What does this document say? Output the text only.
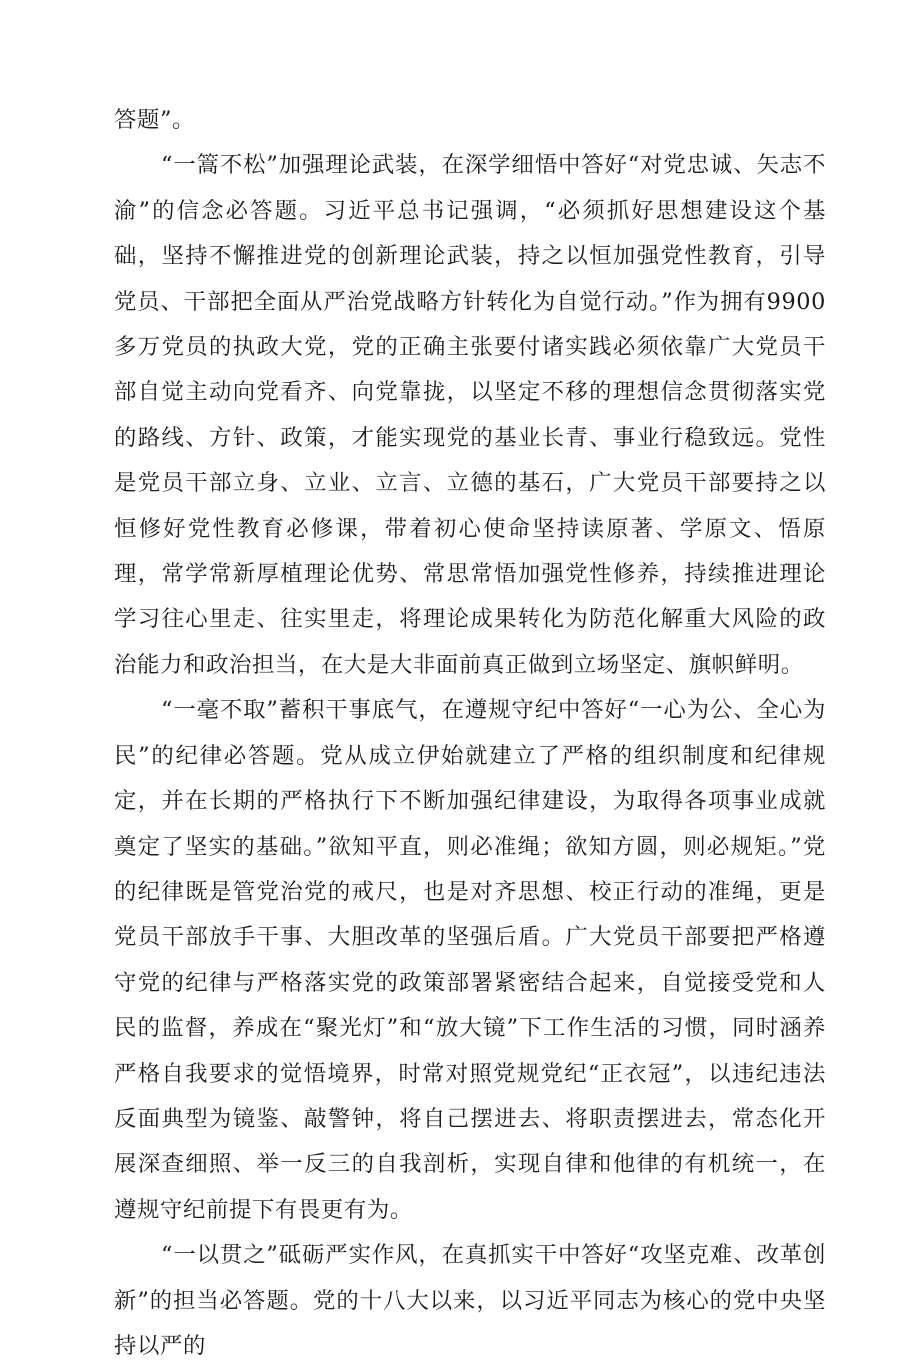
答题”。

“一篙不松”加强理论武装，在深学细悟中答好“对党忠诚、矢志不渝”的信念必答题。习近平总书记强调，“必须抓好思想建设这个基础，坚持不懈推进党的创新理论武装，持之以恒加强党性教育，引导党员、干部把全面从严治党战略方针转化为自觉行动。”作为拥有9900多万党员的执政大党，党的正确主张要付诸实践必须依靠广大党员干部自觉主动向党看齐、向党靠拢，以坚定不移的理想信念贯彻落实党的路线、方针、政策，才能实现党的基业长青、事业行稳致远。党性是党员干部立身、立业、立言、立德的基石，广大党员干部要持之以恒修好党性教育必修课，带着初心使命坚持读原著、学原文、悟原理，常学常新厚植理论优势、常思常悟加强党性修养，持续推进理论学习往心里走、往实里走，将理论成果转化为防范化解重大风险的政治能力和政治担当，在大是大非面前真正做到立场坚定、旗帜鲜明。

“一毫不取”蓄积干事底气，在遵规守纪中答好“一心为公、全心为民”的纪律必答题。党从成立伊始就建立了严格的组织制度和纪律规定，并在长期的严格执行下不断加强纪律建设，为取得各项事业成就奠定了坚实的基础。”欲知平直，则必准绳；欲知方圆，则必规矩。”党的纪律既是管党治党的戒尺，也是对齐思想、校正行动的准绳，更是党员干部放手干事、大胆改革的坚强后盾。广大党员干部要把严格遵守党的纪律与严格落实党的政策部署紧密结合起来，自觉接受党和人民的监督，养成在“聚光灯”和“放大镜”下工作生活的习惯，同时涵养严格自我要求的觉悟境界，时常对照党规党纪“正衣冠”，以违纪违法反面典型为镜鉴、敲警钟，将自己摆进去、将职责摆进去，常态化开展深查细照、举一反三的自我剖析，实现自律和他律的有机统一，在遵规守纪前提下有畏更有为。

“一以贯之”砥砺严实作风，在真抓实干中答好“攻坚克难、改革创新”的担当必答题。党的十八大以来，以习近平同志为核心的党中央坚持以严的
